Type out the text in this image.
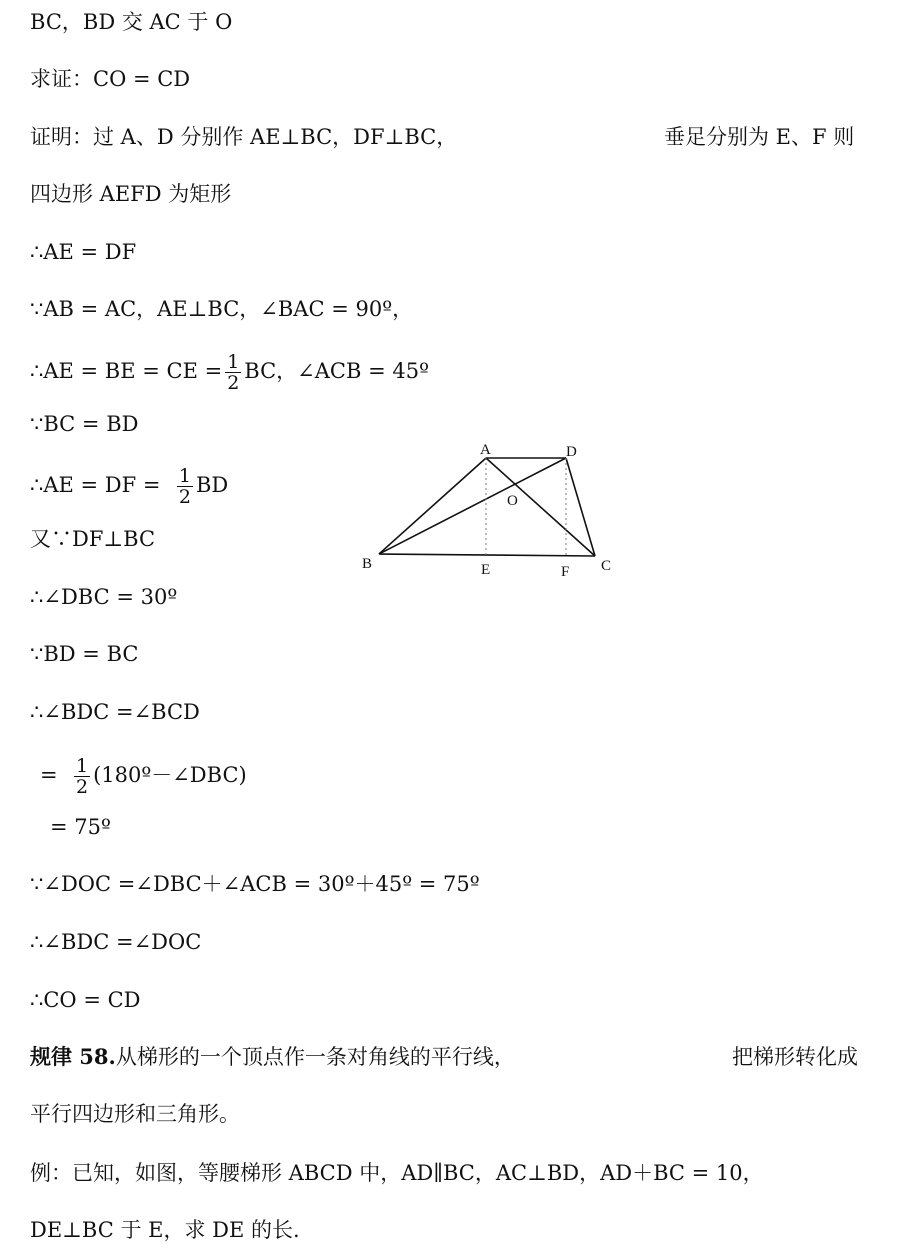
BC，BD 交 AC 于 O
求证：CO = CD
证明：过 A、D 分别作 AE⊥BC，DF⊥BC，	垂足分别为 E、F 则
四边形 AEFD 为矩形
∴AE = DF
∵AB = AC，AE⊥BC，∠BAC = 90º，
∴AE = BE = CE = $\frac{1}{2}$ BC，∠ACB = 45º
∵BC = BD
∴AE = DF = $\frac{1}{2}$ BD
又∵DF⊥BC
∴∠DBC = 30º
∵BD = BC
∴∠BDC =∠BCD
= $\frac{1}{2}$ (180º－∠DBC)
= 75º
∵∠DOC =∠DBC＋∠ACB = 30º＋45º = 75º
∴∠BDC =∠DOC
∴CO = CD
规律 58.从梯形的一个顶点作一条对角线的平行线，	把梯形转化成
平行四边形和三角形。
例：已知，如图，等腰梯形 ABCD 中，AD∥BC，AC⊥BD，AD＋BC = 10，
DE⊥BC 于 E，求 DE 的长.
A	D
O
B	E	F C
